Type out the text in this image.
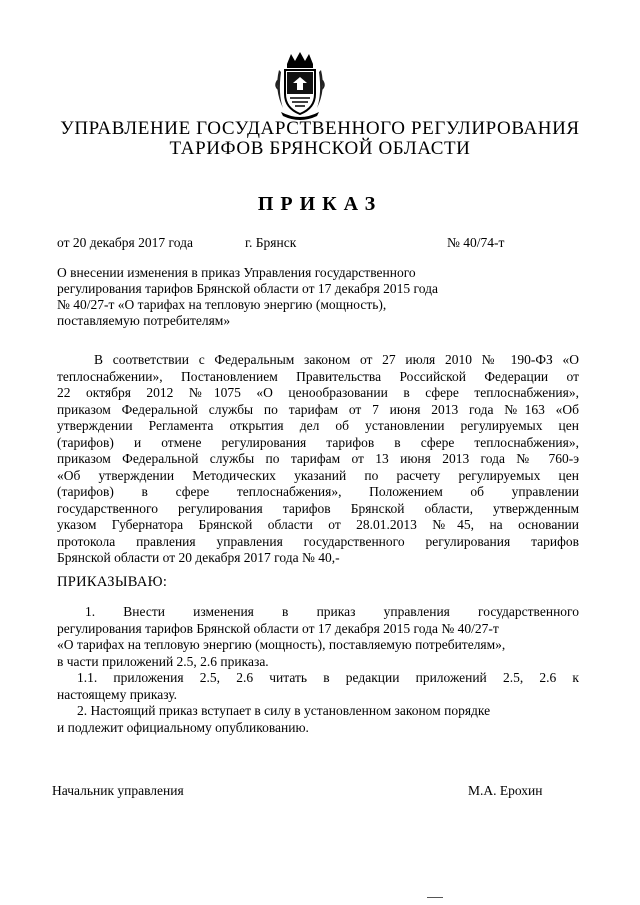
УПРАВЛЕНИЕ ГОСУДАРСТВЕННОГО РЕГУЛИРОВАНИЯ
ТАРИФОВ БРЯНСКОЙ ОБЛАСТИ
ПРИКАЗ
от 20 декабря 2017 года	г. Брянск	№ 40/74-т
О внесении изменения в приказ Управления государственного
регулирования тарифов Брянской области от 17 декабря 2015 года
№ 40/27-т «О тарифах на тепловую энергию (мощность),
поставляемую потребителям»
В соответствии с Федеральным законом от 27 июля 2010 № 190-ФЗ «О
теплоснабжении», Постановлением Правительства Российской Федерации от
22 октября 2012 №1075 «О ценообразовании в сфере теплоснабжения»,
приказом Федеральной службы по тарифам от 7 июня 2013 года №163 «Об
утверждении Регламента открытия дел об установлении регулируемых цен
(тарифов) и отмене регулирования тарифов в сфере теплоснабжения»,
приказом Федеральной службы по тарифам от 13 июня 2013 года № 760-э
«Об утверждении Методических указаний по расчету регулируемых цен
(тарифов) в сфере теплоснабжения», Положением об управлении
государственного регулирования тарифов Брянской области, утвержденным
указом Губернатора Брянской области от 28.01.2013 №45, на основании
протокола правления управления государственного регулирования тарифов
Брянской области от 20 декабря 2017 года № 40,-
ПРИКАЗЫВАЮ:
1. Внести изменения в приказ управления государственного
регулирования тарифов Брянской области от 17 декабря 2015 года № 40/27-т
«О тарифах на тепловую энергию (мощность), поставляемую потребителям»,
в части приложений 2.5, 2.6 приказа.
1.1. приложения 2.5, 2.6 читать в редакции приложений 2.5, 2.6 к
настоящему приказу.
2. Настоящий приказ вступает в силу в установленном законом порядке
и подлежит официальному опубликованию.
Начальник управления	М.А. Ерохин
